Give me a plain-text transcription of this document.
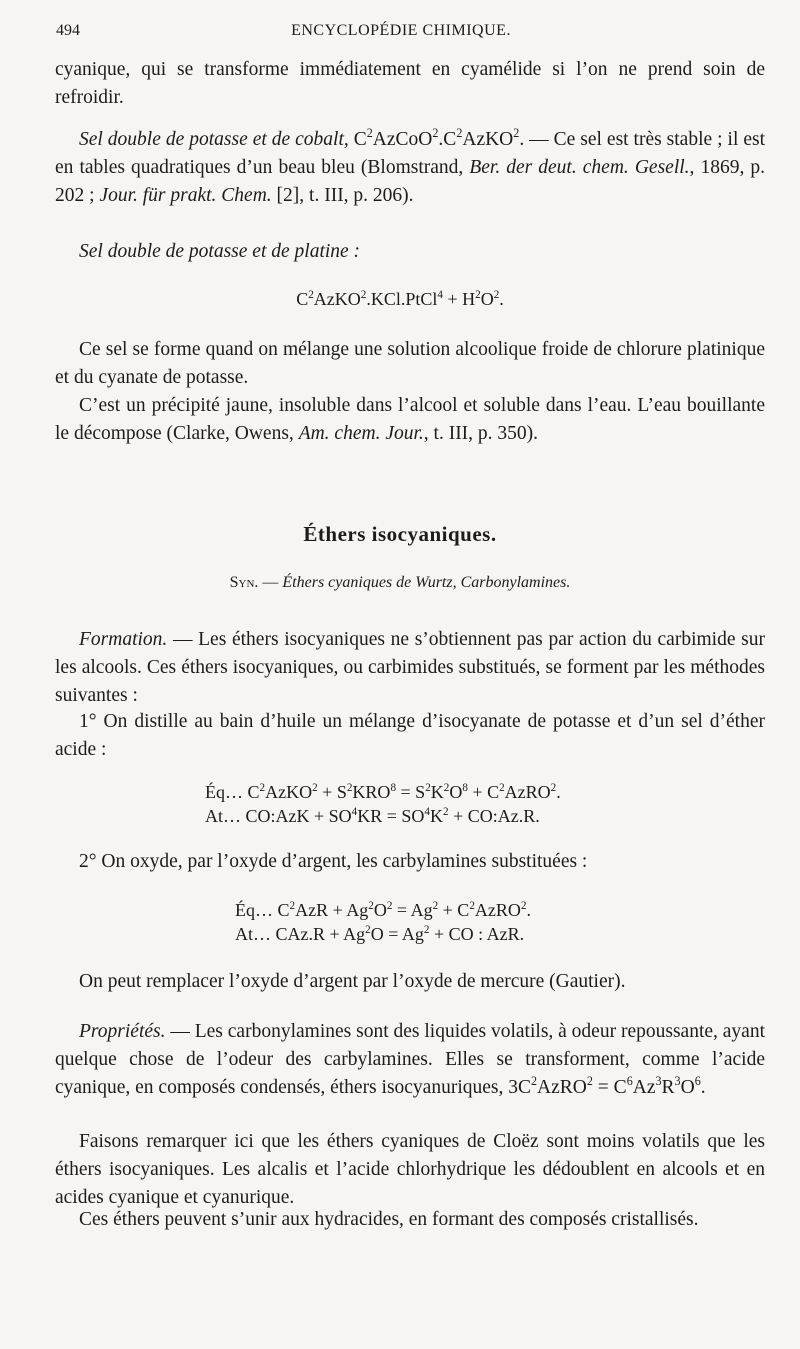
494	ENCYCLOPÉDIE CHIMIQUE.

cyanique, qui se transforme immédiatement en cyamélide si l’on ne prend soin de refroidir.

Sel double de potasse et de cobalt, $C^2AzCoO^2.C^2AzKO^2$. — Ce sel est très stable ; il est en tables quadratiques d’un beau bleu (Blomstrand, Ber. der deut. chem. Gesell., 1869, p. 202 ; Jour. für prakt. Chem. [2], t. III, p. 206).

Sel double de potasse et de platine :

$C^2AzKO^2.KCl.PtCl^4 + H^2O^2$.

Ce sel se forme quand on mélange une solution alcoolique froide de chlorure platinique et du cyanate de potasse.

C’est un précipité jaune, insoluble dans l’alcool et soluble dans l’eau. L’eau bouillante le décompose (Clarke, Owens, Am. chem. Jour., t. III, p. 350).

Éthers isocyaniques.

Syn. — Éthers cyaniques de Wurtz, Carbonylamines.

Formation. — Les éthers isocyaniques ne s’obtiennent pas par action du carbimide sur les alcools. Ces éthers isocyaniques, ou carbimides substitués, se forment par les méthodes suivantes :

1° On distille au bain d’huile un mélange d’isocyanate de potasse et d’un sel d’éther acide :

Éq… $C^2AzKO^2 + S^2KRO^8 = S^2K^2O^8$ + $C^2AzRO^2$.

At… CO:AzK + $SO^4KR = SO^4K^2$ + CO:Az.R.

2° On oxyde, par l’oxyde d’argent, les carbylamines substituées :

Éq… $C^2AzR + Ag^2O^2 = Ag^2$ + $C^2AzRO^2$.

At… $CAz.R + Ag^2O = Ag^2$ + CO : AzR.

On peut remplacer l’oxyde d’argent par l’oxyde de mercure (Gautier).

Propriétés. — Les carbonylamines sont des liquides volatils, à odeur repoussante, ayant quelque chose de l’odeur des carbylamines. Elles se transforment, comme l’acide cyanique, en composés condensés, éthers isocyanuriques, $3C^2AzRO^2 = C^6Az^3R^3O^6$.

Faisons remarquer ici que les éthers cyaniques de Cloëz sont moins volatils que les éthers isocyaniques. Les alcalis et l’acide chlorhydrique les dédoublent en alcools et en acides cyanique et cyanurique.

Ces éthers peuvent s’unir aux hydracides, en formant des composés cristallisés.
